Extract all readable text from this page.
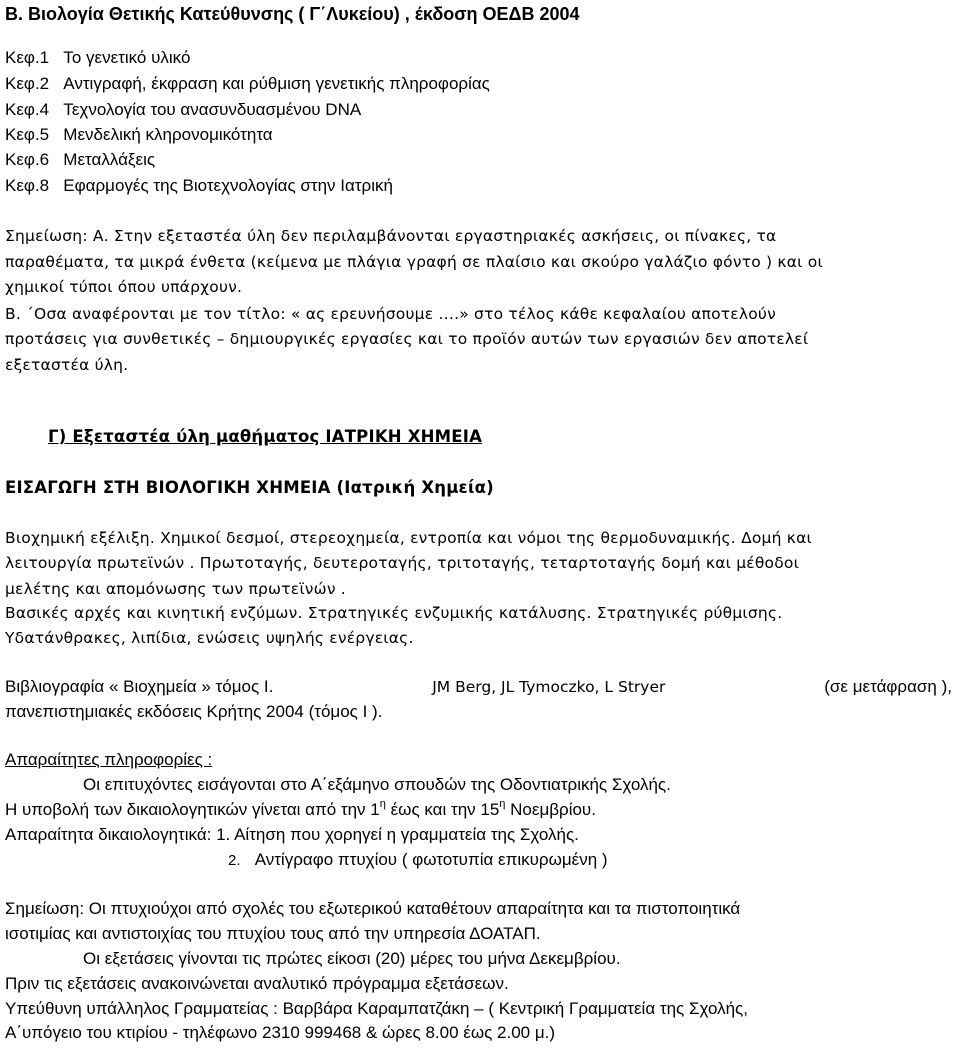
Β. Βιολογία Θετικής Κατεύθυνσης ( Γ΄Λυκείου) , έκδοση ΟΕΔΒ 2004
Κεφ.1 Το γενετικό υλικό
Κεφ.2 Αντιγραφή, έκφραση και ρύθμιση γενετικής πληροφορίας
Κεφ.4 Τεχνολογία του ανασυνδυασμένου DNA
Κεφ.5 Μενδελική κληρονομικότητα
Κεφ.6 Μεταλλάξεις
Κεφ.8 Εφαρμογές της Βιοτεχνολογίας στην Ιατρική
Σημείωση: Α. Στην εξεταστέα ύλη δεν περιλαμβάνονται εργαστηριακές ασκήσεις, οι πίνακες, τα
παραθέματα, τα μικρά ένθετα (κείμενα με πλάγια γραφή σε πλαίσιο και σκούρο γαλάζιο φόντο ) και οι
χημικοί τύποι όπου υπάρχουν.
Β. ΄Οσα αναφέρονται με τον τίτλο: « ας ερευνήσουμε ….» στο τέλος κάθε κεφαλαίου αποτελούν
προτάσεις για συνθετικές – δημιουργικές εργασίες και το προϊόν αυτών των εργασιών δεν αποτελεί
εξεταστέα ύλη.
Γ) Εξεταστέα ύλη μαθήματος ΙΑΤΡΙΚΗ ΧΗΜΕΙΑ
ΕΙΣΑΓΩΓΗ ΣΤΗ ΒΙΟΛΟΓΙΚΗ ΧΗΜΕΙΑ (Ιατρική Χημεία)
Βιοχημική εξέλιξη. Χημικοί δεσμοί, στερεοχημεία, εντροπία και νόμοι της θερμοδυναμικής. Δομή και
λειτουργία πρωτεϊνών . Πρωτοταγής, δευτεροταγής, τριτοταγής, τεταρτοταγής δομή και μέθοδοι
μελέτης και απομόνωσης των πρωτεϊνών .
Βασικές αρχές και κινητική ενζύμων. Στρατηγικές ενζυμικής κατάλυσης. Στρατηγικές ρύθμισης.
Υδατάνθρακες, λιπίδια, ενώσεις υψηλής ενέργειας.
Βιβλιογραφία « Βιοχημεία » τόμος Ι.	JM Berg, JL Tymoczko, L Stryer	(σε μετάφραση ),
πανεπιστημιακές εκδόσεις Κρήτης 2004 (τόμος Ι ).
Απαραίτητες πληροφορίες :
Οι επιτυχόντες εισάγονται στο Α΄εξάμηνο σπουδών της Οδοντιατρικής Σχολής.
Η υποβολή των δικαιολογητικών γίνεται από την $1^\eta$ έως και την $15^\eta$ Νοεμβρίου.
Απαραίτητα δικαιολογητικά: 1. Αίτηση που χορηγεί η γραμματεία της Σχολής.
2. Αντίγραφο πτυχίου ( φωτοτυπία επικυρωμένη )
Σημείωση: Οι πτυχιούχοι από σχολές του εξωτερικού καταθέτουν απαραίτητα και τα πιστοποιητικά
ισοτιμίας και αντιστοιχίας του πτυχίου τους από την υπηρεσία ΔΟΑΤΑΠ.
Οι εξετάσεις γίνονται τις πρώτες είκοσι (20) μέρες του μήνα Δεκεμβρίου.
Πριν τις εξετάσεις ανακοινώνεται αναλυτικό πρόγραμμα εξετάσεων.
Υπεύθυνη υπάλληλος Γραμματείας : Βαρβάρα Καραμπατζάκη – ( Κεντρική Γραμματεία της Σχολής,
Α΄υπόγειο του κτιρίου - τηλέφωνο 2310 999468 & ώρες 8.00 έως 2.00 μ.)
